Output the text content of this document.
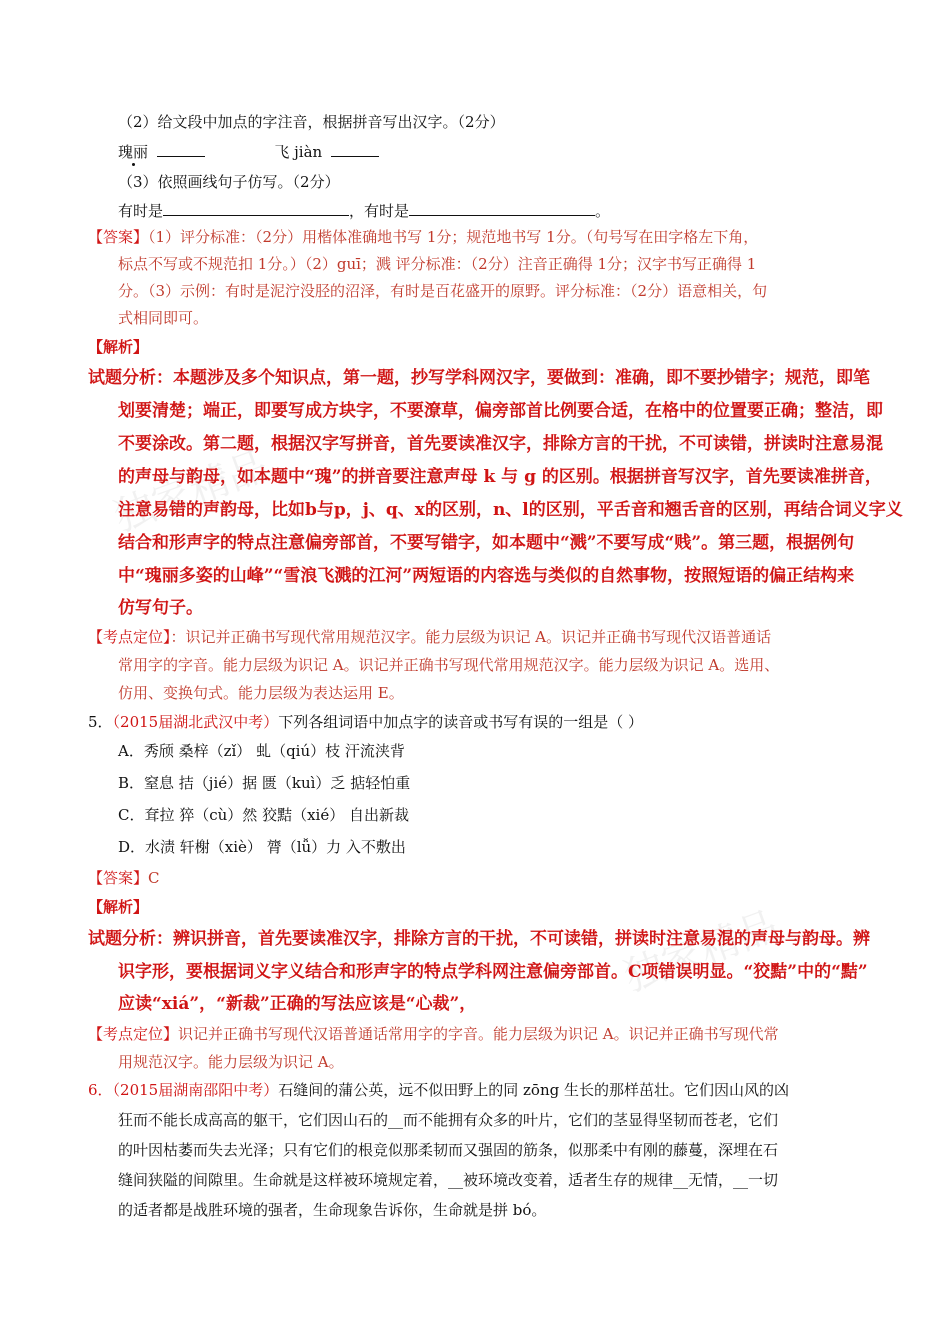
独家精品
独家精品
（2）给文段中加点的字注音，根据拼音写出汉字。（2分）
瑰丽	飞 jiàn
（3）依照画线句子仿写。（2分）
有时是	，有时是	。
【答案】（1）评分标准：（2分）用楷体准确地书写 1分；规范地书写 1分。（句号写在田字格左下角，
标点不写或不规范扣 1分。）（2）guī；溅 评分标准：（2分）注音正确得 1分；汉字书写正确得 1
分。（3）示例：有时是泥泞没胫的沼泽，有时是百花盛开的原野。评分标准：（2分）语意相关，句
式相同即可。
【解析】
试题分析：本题涉及多个知识点，第一题，抄写学科网汉字，要做到：准确，即不要抄错字；规范，即笔
划要清楚；端正，即要写成方块字，不要潦草，偏旁部首比例要合适，在格中的位置要正确；整洁，即
不要涂改。第二题，根据汉字写拼音，首先要读准汉字，排除方言的干扰，不可读错，拼读时注意易混
的声母与韵母，如本题中“瑰”的拼音要注意声母 k 与 g 的区别。根据拼音写汉字，首先要读准拼音，
注意易错的声韵母，比如b与p，j、q、x的区别，n、l的区别，平舌音和翘舌音的区别，再结合词义字义
结合和形声字的特点注意偏旁部首，不要写错字，如本题中“溅”不要写成“贱”。第三题，根据例句
中“瑰丽多姿的山峰”“雪浪飞溅的江河”两短语的内容选与类似的自然事物，按照短语的偏正结构来
仿写句子。
【考点定位】：识记并正确书写现代常用规范汉字。能力层级为识记 A。识记并正确书写现代汉语普通话
常用字的字音。能力层级为识记 A。识记并正确书写现代常用规范汉字。能力层级为识记 A。选用、
仿用、变换句式。能力层级为表达运用 E。
5．（2015届湖北武汉中考）下列各组词语中加点字的读音或书写有误的一组是（ ）
A．秀颀 桑梓（zǐ） 虬（qiú）枝 汗流浃背
B．窒息 拮（jié）据 匮（kuì）乏 掂轻怕重
C．耷拉 猝（cù）然 狡黠（xié） 自出新裁
D．水渍 轩榭（xiè） 膂（lǚ）力 入不敷出
【答案】C
【解析】
试题分析：辨识拼音，首先要读准汉字，排除方言的干扰，不可读错，拼读时注意易混的声母与韵母。辨
识字形，要根据词义字义结合和形声字的特点学科网注意偏旁部首。C项错误明显。“狡黠”中的“黠”
应读“xiá”，“新裁”正确的写法应该是“心裁”，
【考点定位】识记并正确书写现代汉语普通话常用字的字音。能力层级为识记 A。识记并正确书写现代常
用规范汉字。能力层级为识记 A。
6．（2015届湖南邵阳中考）石缝间的蒲公英，远不似田野上的同 zōng 生长的那样茁壮。它们因山风的凶
狂而不能长成高高的躯干，它们因山石的__而不能拥有众多的叶片，它们的茎显得坚韧而苍老，它们
的叶因枯萎而失去光泽；只有它们的根竞似那柔韧而又强固的筋条，似那柔中有刚的藤蔓，深埋在石
缝间狭隘的间隙里。生命就是这样被环境规定着，__被环境改变着，适者生存的规律__无情，__一切
的适者都是战胜环境的强者，生命现象告诉你，生命就是拼 bó。
